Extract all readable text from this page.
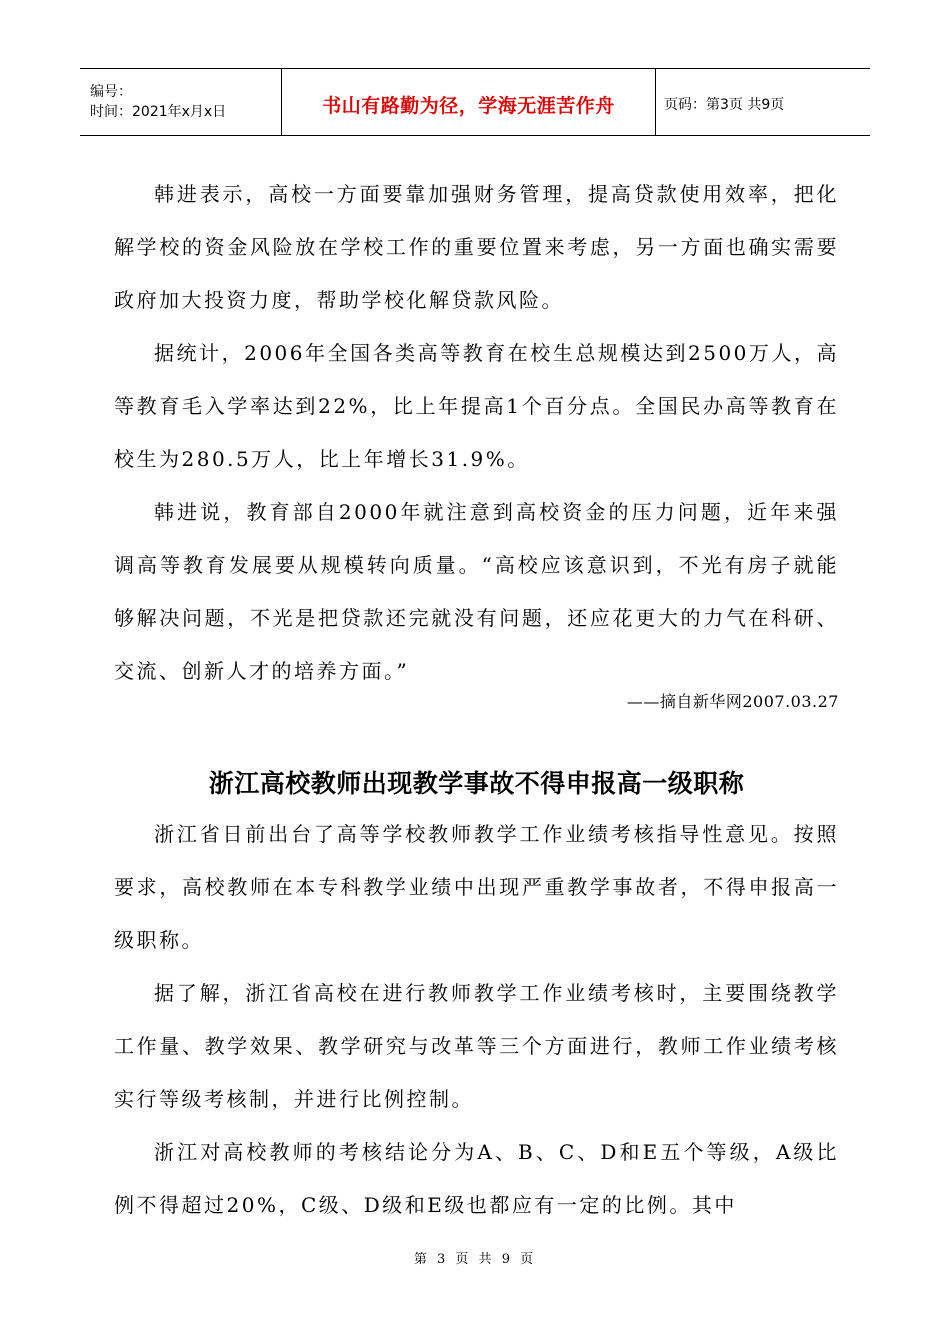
编号：
时间：2021年x月x日	书山有路勤为径，学海无涯苦作舟	页码：第3页 共9页

韩进表示，高校一方面要靠加强财务管理，提高贷款使用效率，把化解学校的资金风险放在学校工作的重要位置来考虑，另一方面也确实需要政府加大投资力度，帮助学校化解贷款风险。

据统计，2006年全国各类高等教育在校生总规模达到2500万人，高等教育毛入学率达到22%，比上年提高1个百分点。全国民办高等教育在校生为280.5万人，比上年增长31.9%。

韩进说，教育部自2000年就注意到高校资金的压力问题，近年来强调高等教育发展要从规模转向质量。“高校应该意识到，不光有房子就能够解决问题，不光是把贷款还完就没有问题，还应花更大的力气在科研、交流、创新人才的培养方面。”

——摘自新华网2007.03.27

浙江高校教师出现教学事故不得申报高一级职称

浙江省日前出台了高等学校教师教学工作业绩考核指导性意见。按照要求，高校教师在本专科教学业绩中出现严重教学事故者，不得申报高一级职称。

据了解，浙江省高校在进行教师教学工作业绩考核时，主要围绕教学工作量、教学效果、教学研究与改革等三个方面进行，教师工作业绩考核实行等级考核制，并进行比例控制。

浙江对高校教师的考核结论分为A、B、C、D和E五个等级，A级比例不得超过20%，C级、D级和E级也都应有一定的比例。其中

第 3 页 共 9 页
